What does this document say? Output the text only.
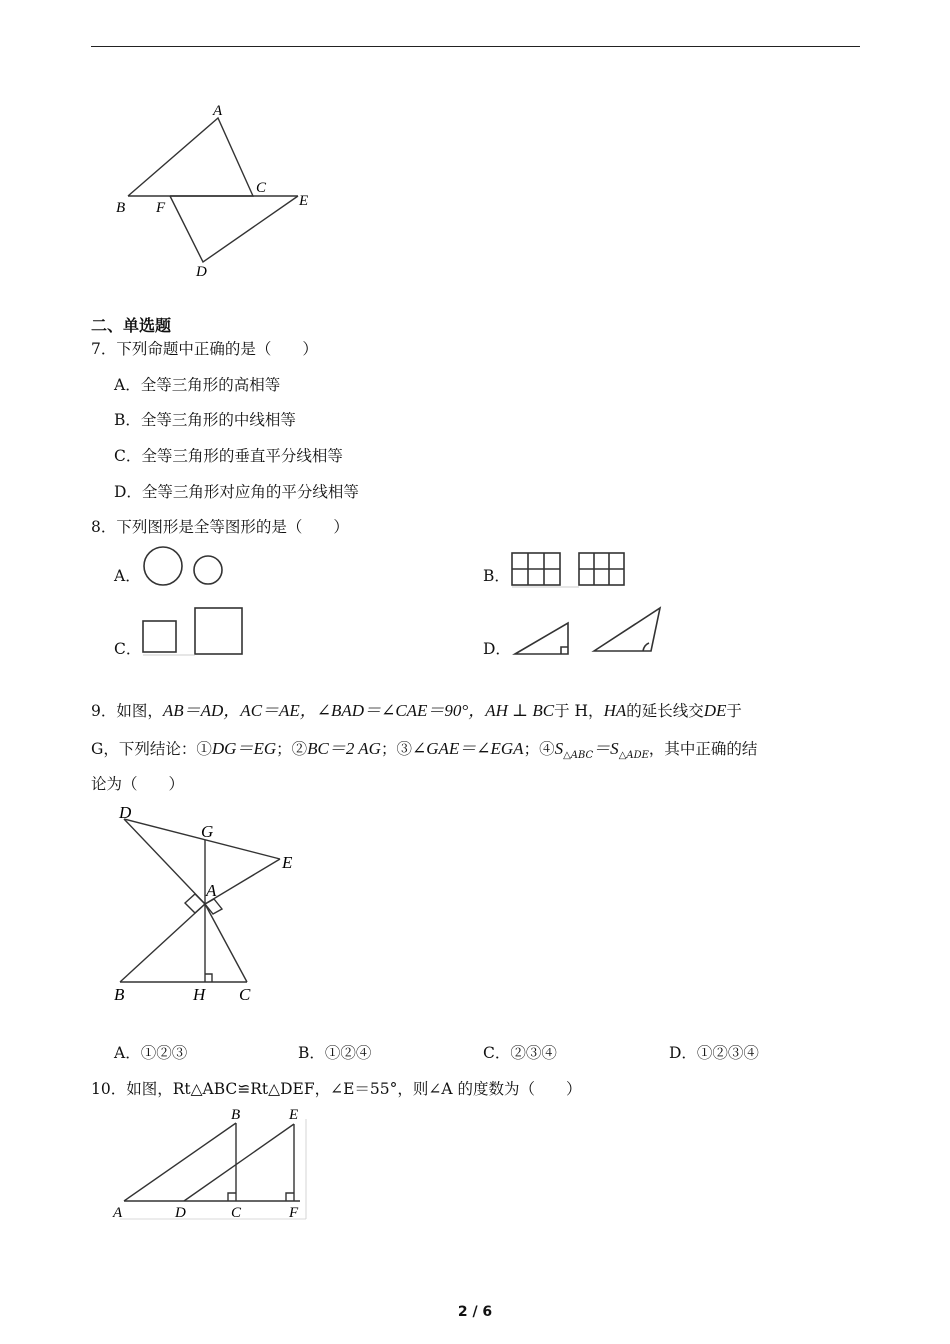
A
B
C
F	E
D
二、单选题
7．下列命题中正确的是（　　）
A．全等三角形的高相等
B．全等三角形的中线相等
C．全等三角形的垂直平分线相等
D．全等三角形对应角的平分线相等
8．下列图形是全等图形的是（　　）
A．	B．
C．	D．
9．如图，AB＝AD，AC＝AE，∠BAD＝∠CAE＝90°，AH ⊥ BC于 H，HA的延长线交DE于
G，下列结论：①DG＝EG；②BC＝2 AG；③∠GAE＝∠EGA；$④S_{\triangle ABC}=S_{\triangle ADE}$，其中正确的结
论为（　　）
D
G
E
A
B	H C
A．①②③	B．①②④	C．②③④	D．①②③④
10．如图，Rt△ABC≌Rt△DEF，∠E＝55°，则∠A 的度数为（　　）
B	E
A	D	C	F
2 / 6
